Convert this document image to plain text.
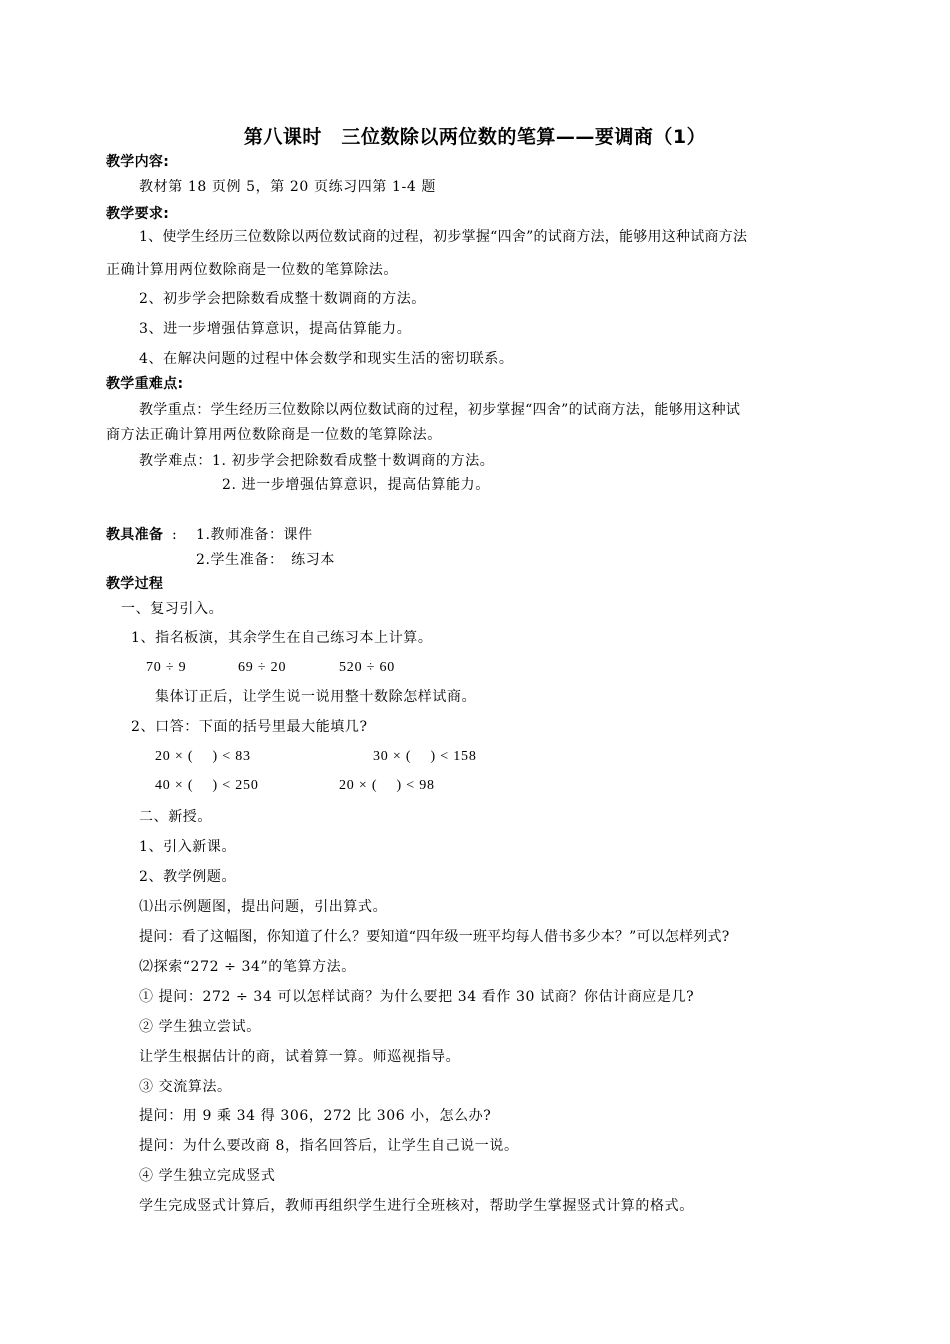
第八课时　三位数除以两位数的笔算——要调商（1）
教学内容:
教材第 18 页例 5，第 20 页练习四第 1-4 题
教学要求:
1、使学生经历三位数除以两位数试商的过程，初步掌握“四舍”的试商方法，能够用这种试商方法
正确计算用两位数除商是一位数的笔算除法。
2、初步学会把除数看成整十数调商的方法。
3、进一步增强估算意识，提高估算能力。
4、在解决问题的过程中体会数学和现实生活的密切联系。
教学重难点:
教学重点：学生经历三位数除以两位数试商的过程，初步掌握“四舍”的试商方法，能够用这种试
商方法正确计算用两位数除商是一位数的笔算除法。
教学难点：1. 初步学会把除数看成整十数调商的方法。
2. 进一步增强估算意识，提高估算能力。
教具准备 : 1.教师准备：课件
2.学生准备：　练习本
教学过程
一、复习引入。
1、指名板演，其余学生在自己练习本上计算。
70 ÷ 9	69 ÷ 20	520 ÷ 60
集体订正后，让学生说一说用整十数除怎样试商。
2、口答：下面的括号里最大能填几?
20 × (　 ) < 83	30 × (　 ) < 158
40 × (　 ) < 250	20 × (　 ) < 98
二、新授。
1、引入新课。
2、教学例题。
⑴出示例题图，提出问题，引出算式。
提问：看了这幅图，你知道了什么？要知道“四年级一班平均每人借书多少本？”可以怎样列式?
⑵探索“272 ÷ 34”的笔算方法。
① 提问：272 ÷ 34 可以怎样试商？为什么要把 34 看作 30 试商？你估计商应是几?
② 学生独立尝试。
让学生根据估计的商，试着算一算。师巡视指导。
③ 交流算法。
提问：用 9 乘 34 得 306，272 比 306 小，怎么办?
提问：为什么要改商 8，指名回答后，让学生自己说一说。
④ 学生独立完成竖式
学生完成竖式计算后，教师再组织学生进行全班核对，帮助学生掌握竖式计算的格式。
